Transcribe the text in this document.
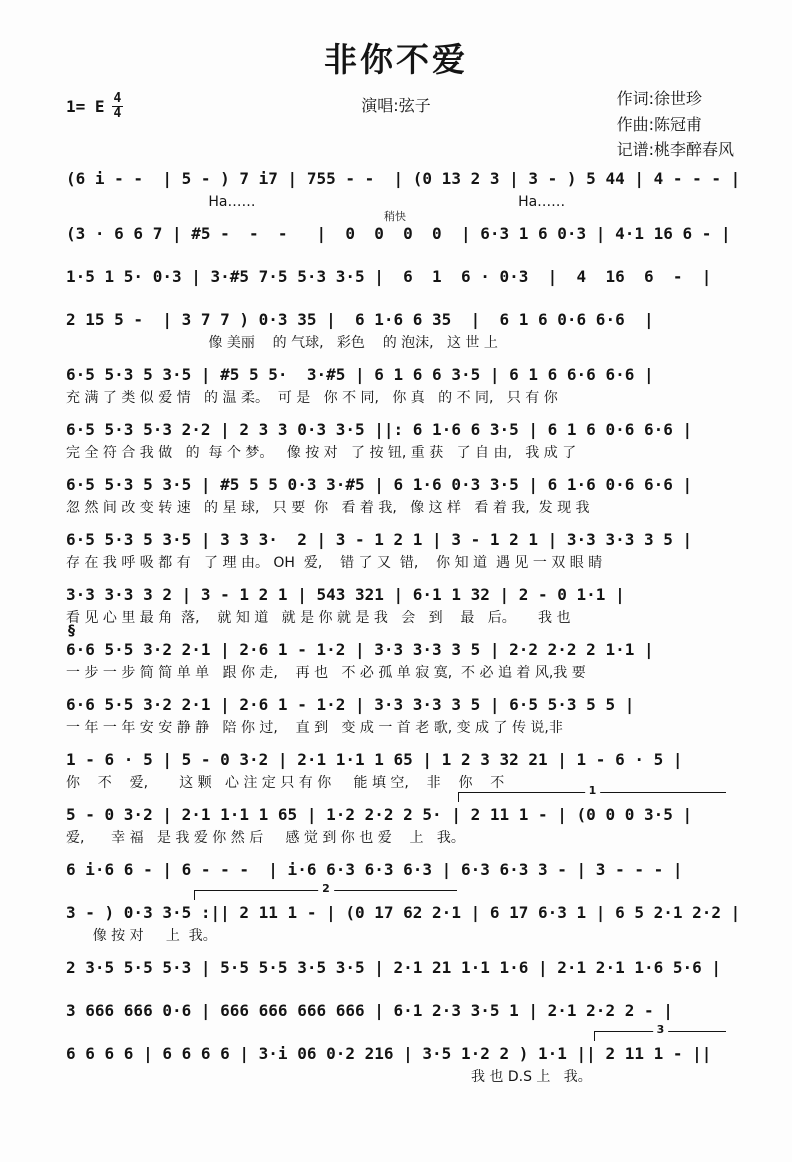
非你不爱
演唱:弦子
1= E $\frac{4}{4}$	作词:徐世珍
作曲:陈冠甫
记谱:桃李醉春风
(6 i - -  | 5 - ) 7 i7 | 755 - -  | (0 13 2 3 | 3 - ) 5 44 | 4 - - - |
Ha……                                                           Ha……
稍快
(3 · 6 6 7 | #5 -  -  -   |  0  0  0  0  | 6·3 1 6 0·3 | 4·1 16 6 - |
1·5 1 5· 0·3 | 3·#5 7·5 5·3 3·5 |  6  1  6 · 0·3  |  4  16  6  -  |
2 15 5 -  | 3 7 7 ) 0·3 35 |  6 1·6 6 35  |  6 1 6 0·6 6·6  |
像 美丽    的 气球,   彩色    的 泡沫,   这 世 上
6·5 5·3 5 3·5 | #5 5 5·  3·#5 | 6 1 6 6 3·5 | 6 1 6 6·6 6·6 |
充 满 了 类 似 爱 情   的 温 柔。  可 是   你 不 同,   你 真   的 不 同,   只 有 你
6·5 5·3 5·3 2·2 | 2 3 3 0·3 3·5 ||: 6 1·6 6 3·5 | 6 1 6 0·6 6·6 |
完 全 符 合 我 做   的  每 个 梦。   像 按 对   了 按 钮, 重 获   了 自 由,   我 成 了
6·5 5·3 5 3·5 | #5 5 5 0·3 3·#5 | 6 1·6 0·3 3·5 | 6 1·6 0·6 6·6 |
忽 然 间 改 变 转 速   的 星 球,   只 要  你   看 着 我,   像 这 样   看 着 我,  发 现 我
6·5 5·3 5 3·5 | 3 3 3·  2 | 3 - 1 2 1 | 3 - 1 2 1 | 3·3 3·3 3 5 |
存 在 我 呼 吸 都 有   了 理 由。 OH  爱,    错 了 又  错,    你 知 道  遇 见 一 双 眼 睛
3·3 3·3 3 2 | 3 - 1 2 1 | 543 321 | 6·1 1 32 | 2 - 0 1·1 |
看 见 心 里 最 角  落,    就 知 道   就 是 你 就 是 我   会   到    最   后。     我 也
§
6·6 5·5 3·2 2·1 | 2·6 1 - 1·2 | 3·3 3·3 3 5 | 2·2 2·2 2 1·1 |
一 步 一 步 简 简 单 单   跟 你 走,    再 也   不 必 孤 单 寂 寞,  不 必 追 着 风,我 要
6·6 5·5 3·2 2·1 | 2·6 1 - 1·2 | 3·3 3·3 3 5 | 6·5 5·3 5 5 |
一 年 一 年 安 安 静 静   陪 你 过,    直 到   变 成 一 首 老 歌, 变 成 了 传 说,非
1 - 6 · 5 | 5 - 0 3·2 | 2·1 1·1 1 65 | 1 2 3 32 21 | 1 - 6 · 5 |
你    不    爱,       这 颗   心 注 定 只 有 你     能 填 空,    非    你    不	1
5 - 0 3·2 | 2·1 1·1 1 65 | 1·2 2·2 2 5· | 2 11 1 - | (0 0 0 3·5 |
爱,      幸 福   是 我 爱 你 然 后     感 觉 到 你 也 爱    上   我。
6 i·6 6 - | 6 - - -  | i·6 6·3 6·3 6·3 | 6·3 6·3 3 - | 3 - - - |
2
3 - ) 0·3 3·5 :|| 2 11 1 - | (0 17 62 2·1 | 6 17 6·3 1 | 6 5 2·1 2·2 |
像 按 对     上  我。
2 3·5 5·5 5·3 | 5·5 5·5 3·5 3·5 | 2·1 21 1·1 1·6 | 2·1 2·1 1·6 5·6 |
3 666 666 0·6 | 666 666 666 666 | 6·1 2·3 3·5 1 | 2·1 2·2 2 - |
3
6 6 6 6 | 6 6 6 6 | 3·i 06 0·2 216 | 3·5 1·2 2 ) 1·1 || 2 11 1 - ||
我 也 D.S 上   我。
